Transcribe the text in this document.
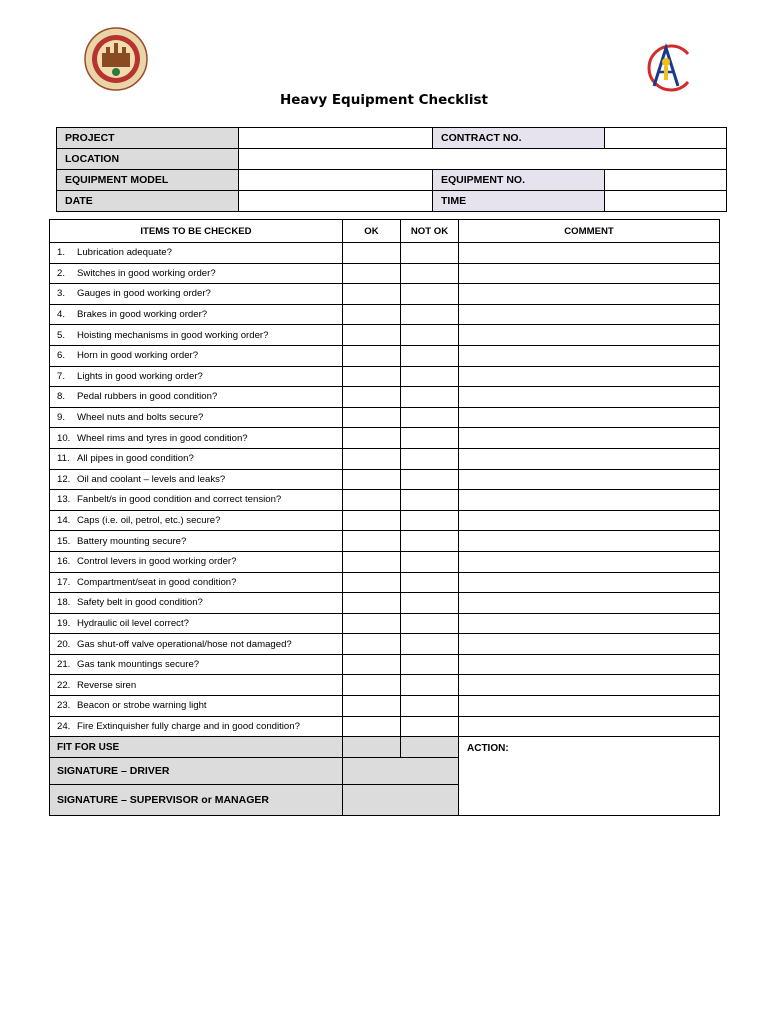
Heavy Equipment Checklist
PROJECT		CONTRACT NO.	
LOCATION			
EQUIPMENT MODEL		EQUIPMENT NO.	
DATE		TIME	
ITEMS TO BE CHECKED	OK	NOT OK	COMMENT
1. Lubrication adequate?			
2. Switches in good working order?			
3. Gauges in good working order?			
4. Brakes in good working order?			
5. Hoisting mechanisms in good working order?			
6. Horn in good working order?			
7. Lights in good working order?			
8. Pedal rubbers in good condition?			
9. Wheel nuts and bolts secure?			
10. Wheel rims and tyres in good condition?			
11. All pipes in good condition?			
12. Oil and coolant – levels and leaks?			
13. Fanbelt/s in good condition and correct tension?			
14. Caps (i.e. oil, petrol, etc.) secure?			
15. Battery mounting secure?			
16. Control levers in good working order?			
17. Compartment/seat in good condition?			
18. Safety belt in good condition?			
19. Hydraulic oil level correct?			
20. Gas shut-off valve operational/hose not damaged?			
21. Gas tank mountings secure?			
22. Reverse siren			
23. Beacon or strobe warning light			
24. Fire Extinquisher fully charge and in good condition?			
FIT FOR USE			ACTION:
SIGNATURE – DRIVER			
SIGNATURE – SUPERVISOR or MANAGER			
